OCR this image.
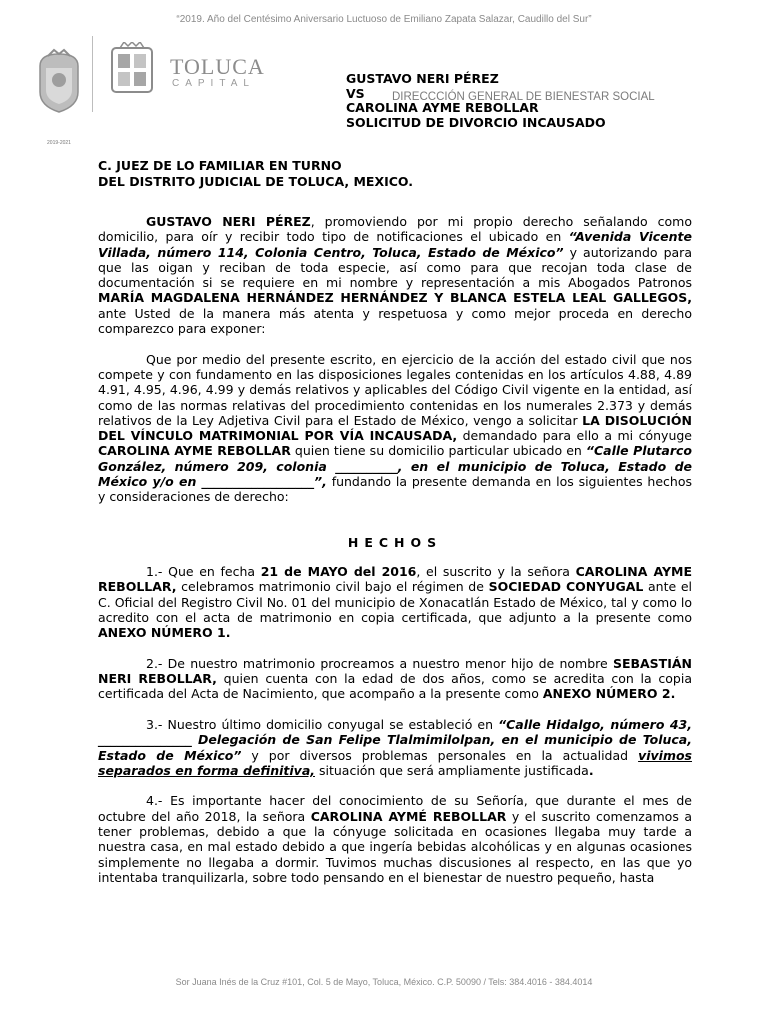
“2019. Año del Centésimo Aniversario Luctuoso de Emiliano Zapata Salazar, Caudillo del Sur”
2019-2021
TOLUCA
CAPITAL	GUSTAVO NERI PÉREZ
VS
CAROLINA AYME REBOLLAR
SOLICITUD DE DIVORCIO INCAUSADO
DIRECCCIÓN GENERAL DE BIENESTAR SOCIAL
C. JUEZ DE LO FAMILIAR EN TURNO
DEL DISTRITO JUDICIAL DE TOLUCA, MEXICO.

GUSTAVO NERI PÉREZ, promoviendo por mi propio derecho señalando como domicilio, para oír y recibir todo tipo de notificaciones el ubicado en “Avenida Vicente Villada, número 114, Colonia Centro, Toluca, Estado de México” y autorizando para que las oigan y reciban de toda especie, así como para que recojan toda clase de documentación si se requiere en mi nombre y representación a mis Abogados Patronos MARÍA MAGDALENA HERNÁNDEZ HERNÁNDEZ Y BLANCA ESTELA LEAL GALLEGOS, ante Usted de la manera más atenta y respetuosa y como mejor proceda en derecho comparezco para exponer:

Que por medio del presente escrito, en ejercicio de la acción del estado civil que nos compete y con fundamento en las disposiciones legales contenidas en los artículos 4.88, 4.89 4.91, 4.95, 4.96, 4.99 y demás relativos y aplicables del Código Civil vigente en la entidad, así como de las normas relativas del procedimiento contenidas en los numerales 2.373 y demás relativos de la Ley Adjetiva Civil para el Estado de México, vengo a solicitar LA DISOLUCIÓN DEL VÍNCULO MATRIMONIAL POR VÍA INCAUSADA, demandado para ello a mi cónyuge CAROLINA AYME REBOLLAR quien tiene su domicilio particular ubicado en “Calle Plutarco González, número 209, colonia __________, en el municipio de Toluca, Estado de México y/o en __________________”, fundando la presente demanda en los siguientes hechos y consideraciones de derecho:

HECHOS

1.- Que en fecha 21 de MAYO del 2016, el suscrito y la señora CAROLINA AYME REBOLLAR, celebramos matrimonio civil bajo el régimen de SOCIEDAD CONYUGAL ante el C. Oficial del Registro Civil No. 01 del municipio de Xonacatlán Estado de México, tal y como lo acredito con el acta de matrimonio en copia certificada, que adjunto a la presente como ANEXO NÚMERO 1.

2.- De nuestro matrimonio procreamos a nuestro menor hijo de nombre SEBASTIÁN NERI REBOLLAR, quien cuenta con la edad de dos años, como se acredita con la copia certificada del Acta de Nacimiento, que acompaño a la presente como ANEXO NÚMERO 2.

3.- Nuestro último domicilio conyugal se estableció en “Calle Hidalgo, número 43, _______________ Delegación de San Felipe Tlalmimilolpan, en el municipio de Toluca, Estado de México” y por diversos problemas personales en la actualidad vivimos separados en forma definitiva, situación que será ampliamente justificada.

4.- Es importante hacer del conocimiento de su Señoría, que durante el mes de octubre del año 2018, la señora CAROLINA AYMÉ REBOLLAR y el suscrito comenzamos a tener problemas, debido a que la cónyuge solicitada en ocasiones llegaba muy tarde a nuestra casa, en mal estado debido a que ingería bebidas alcohólicas y en algunas ocasiones simplemente no llegaba a dormir. Tuvimos muchas discusiones al respecto, en las que yo intentaba tranquilizarla, sobre todo pensando en el bienestar de nuestro pequeño, hasta

Sor Juana Inés de la Cruz #101, Col. 5 de Mayo, Toluca, México. C.P. 50090 / Tels: 384.4016 - 384.4014
